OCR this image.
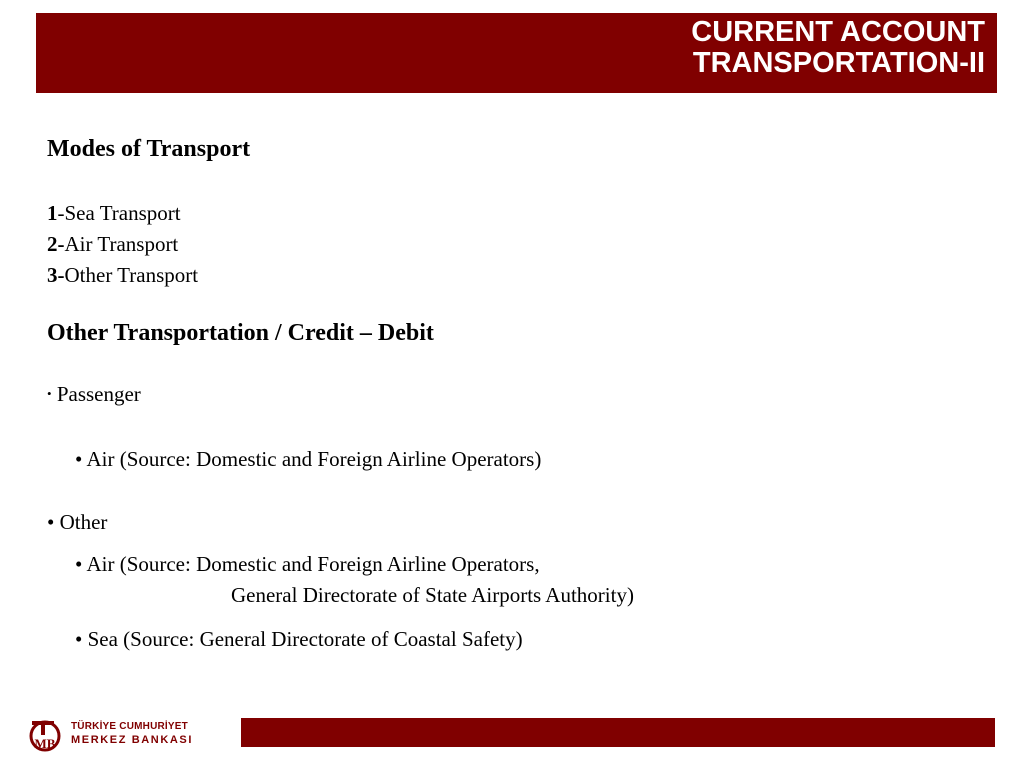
CURRENT ACCOUNT
TRANSPORTATION-II
Modes of Transport
1-Sea Transport
2-Air Transport
3-Other Transport
Other Transportation / Credit – Debit
• Passenger
• Air (Source: Domestic and Foreign Airline Operators)
• Other
• Air (Source: Domestic and Foreign Airline Operators,
General Directorate of State Airports Authority)
• Sea (Source: General Directorate of Coastal Safety)
MB
TÜRKİYE CUMHURİYET
MERKEZ BANKASI
